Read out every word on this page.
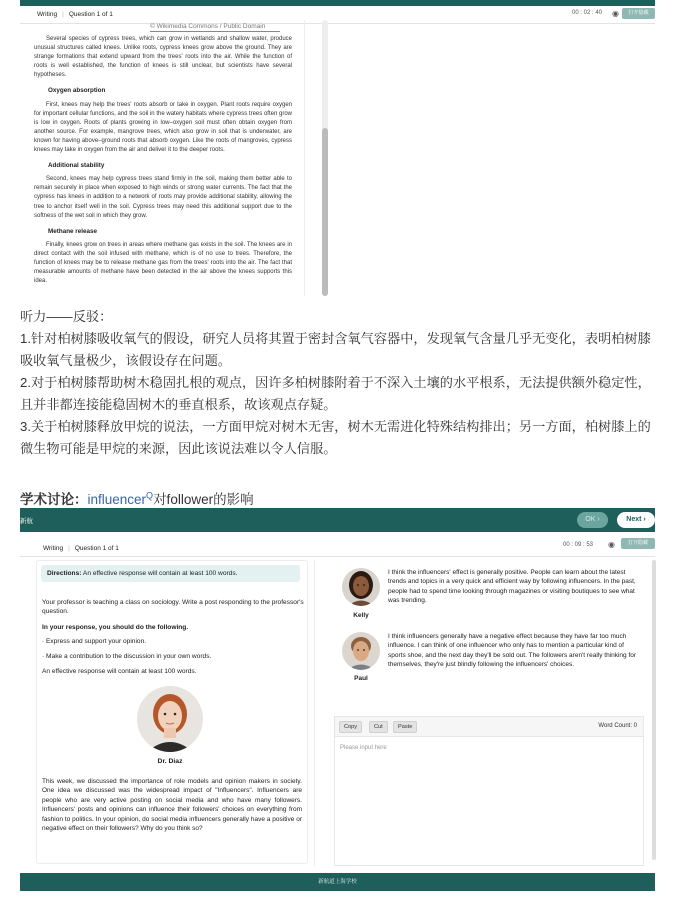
Writing | Question 1 of 1	00 : 02 : 40 ◉	打开隐藏
© Wikimedia Commons / Public Domain

Several species of cypress trees, which can grow in wetlands and shallow water, produce unusual structures called knees. Unlike roots, cypress knees grow above the ground. They are strange formations that extend upward from the trees' roots into the air. While the function of roots is well established, the function of knees is still unclear, but scientists have several hypotheses.

Oxygen absorption

First, knees may help the trees' roots absorb or take in oxygen. Plant roots require oxygen for important cellular functions, and the soil in the watery habitats where cypress trees often grow is low in oxygen. Roots of plants growing in low–oxygen soil must often obtain oxygen from another source. For example, mangrove trees, which also grow in soil that is underwater, are known for having above–ground roots that absorb oxygen. Like the roots of mangroves, cypress knees may take in oxygen from the air and deliver it to the deeper roots.

Additional stability

Second, knees may help cypress trees stand firmly in the soil, making them better able to remain securely in place when exposed to high winds or strong water currents. The fact that the cypress has knees in addition to a network of roots may provide additional stability, allowing the tree to anchor itself well in the soil. Cypress trees may need this additional support due to the softness of the wet soil in which they grow.

Methane release

Finally, knees grow on trees in areas where methane gas exists in the soil. The knees are in direct contact with the soil infused with methane, which is of no use to trees. Therefore, the function of knees may be to release methane gas from the trees' roots into the air. The fact that measurable amounts of methane have been detected in the air above the knees supports this idea.

听力——反驳：
1.针对柏树膝吸收氧气的假设，研究人员将其置于密封含氧气容器中，发现氧气含量几乎无变化，表明柏树膝吸收氧气量极少，该假设存在问题。
2.对于柏树膝帮助树木稳固扎根的观点，因许多柏树膝附着于不深入土壤的水平根系，无法提供额外稳定性，且并非都连接能稳固树木的垂直根系，故该观点存疑。
3.关于柏树膝释放甲烷的说法，一方面甲烷对树木无害，树木无需进化特殊结构排出；另一方面，柏树膝上的微生物可能是甲烷的来源，因此该说法难以令人信服。
学术讨论：influencer$^Q$对follower的影响
新航	OK ›	Next ›
Writing | Question 1 of 1	00 : 09 : 53 ◉	打开隐藏
Directions: An effective response will contain at least 100 words.
Your professor is teaching a class on sociology. Write a post responding to the professor's question.
In your response, you should do the following.
· Express and support your opinion.
· Make a contribution to the discussion in your own words.
An effective response will contain at least 100 words.
Dr. Diaz
This week, we discussed the importance of role models and opinion makers in society. One idea we discussed was the widespread impact of "Influencers". Influencers are people who are very active posting on social media and who have many followers. Influencers' posts and opinions can influence their followers' choices on everything from fashion to politics. In your opinion, do social media influencers generally have a positive or negative effect on their followers? Why do you think so?
Kelly
I think the influencers' effect is generally positive. People can learn about the latest trends and topics in a very quick and efficient way by following influencers. In the past, people had to spend time looking through magazines or visiting boutiques to see what was trending.
Paul
I think influencers generally have a negative effect because they have far too much influence. I can think of one influencer who only has to mention a particular kind of sports shoe, and the next day they'll be sold out. The followers aren't really thinking for themselves, they're just blindly following the influencers' choices.
Copy	Cut	Paste	Word Count: 0
Please input here
新航道上海学校
